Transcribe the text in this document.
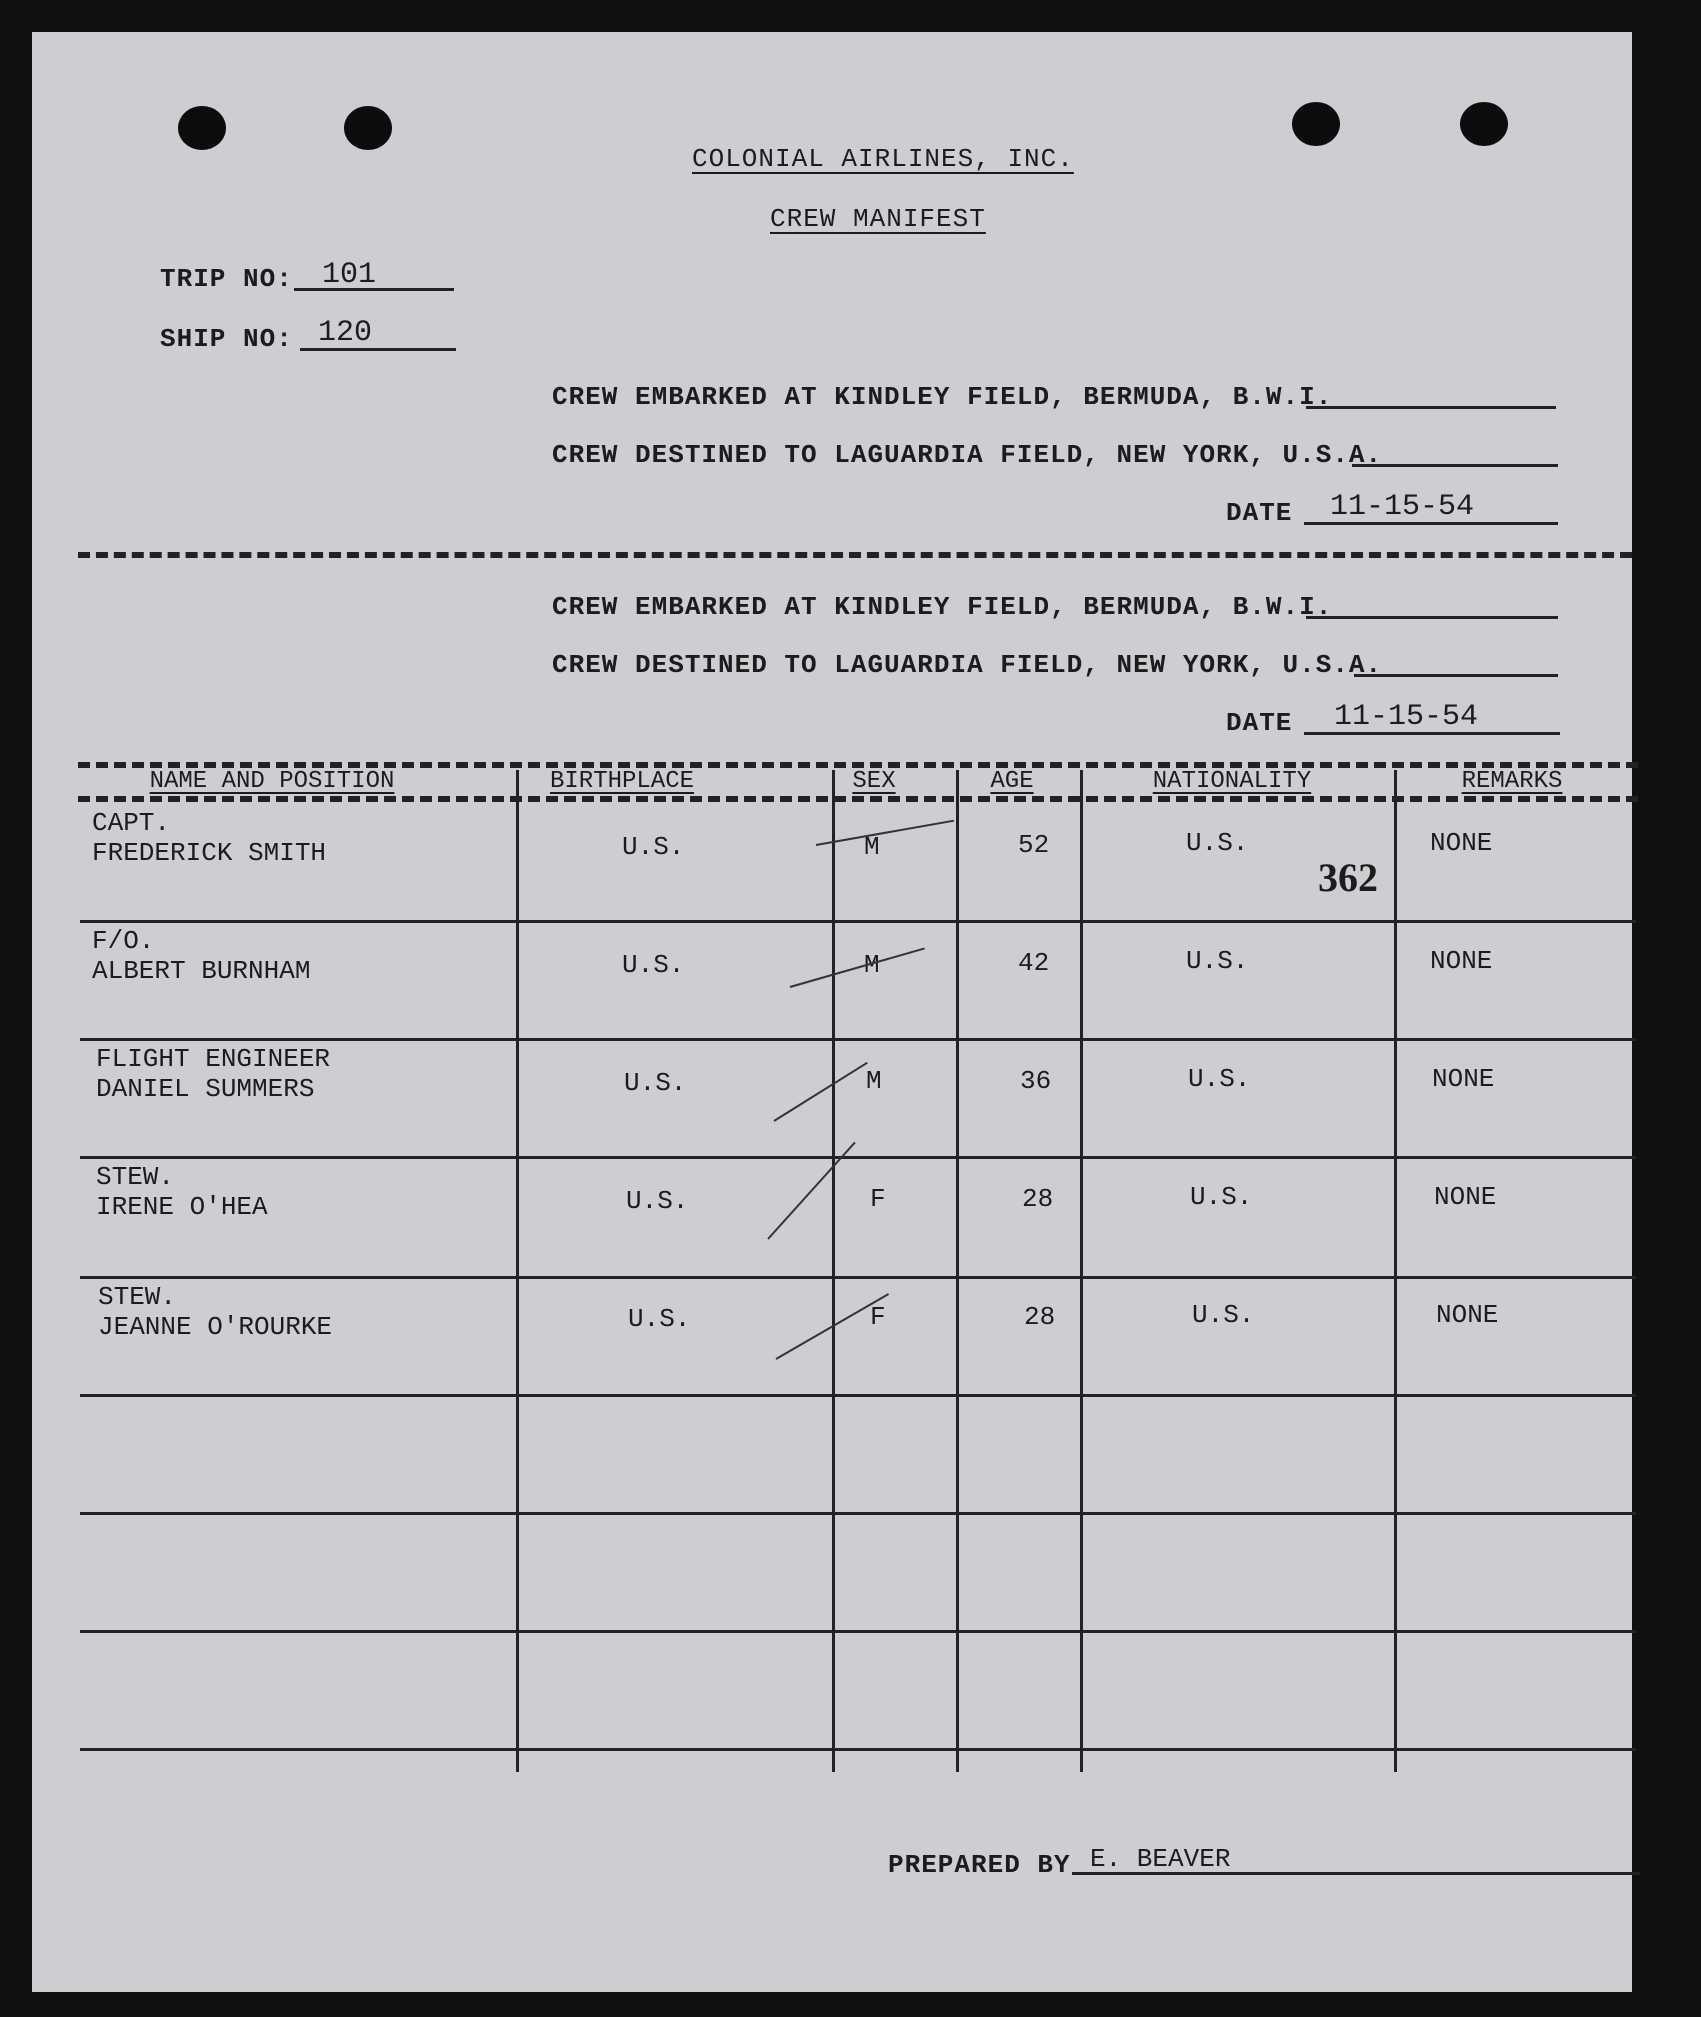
COLONIAL AIRLINES, INC.
CREW MANIFEST
TRIP NO: 101
SHIP NO: 120
CREW EMBARKED AT KINDLEY FIELD, BERMUDA, B.W.I.
CREW DESTINED TO LAGUARDIA FIELD, NEW YORK, U.S.A.
DATE 11-15-54
CREW EMBARKED AT KINDLEY FIELD, BERMUDA, B.W.I.
CREW DESTINED TO LAGUARDIA FIELD, NEW YORK, U.S.A.
DATE 11-15-54
NAME AND POSITION	BIRTHPLACE	SEX	AGE	NATIONALITY	REMARKS
CAPT.
FREDERICK SMITH	U.S.	M	52	U.S.	NONE
F/O.
ALBERT BURNHAM	U.S.	M	42	U.S.	NONE
FLIGHT ENGINEER
DANIEL SUMMERS	U.S.	M	36	U.S.	NONE
STEW.
IRENE O'HEA	U.S.	F	28	U.S.	NONE
STEW.
JEANNE O'ROURKE	U.S.	F	28	U.S.	NONE
362
PREPARED BY E. BEAVER
